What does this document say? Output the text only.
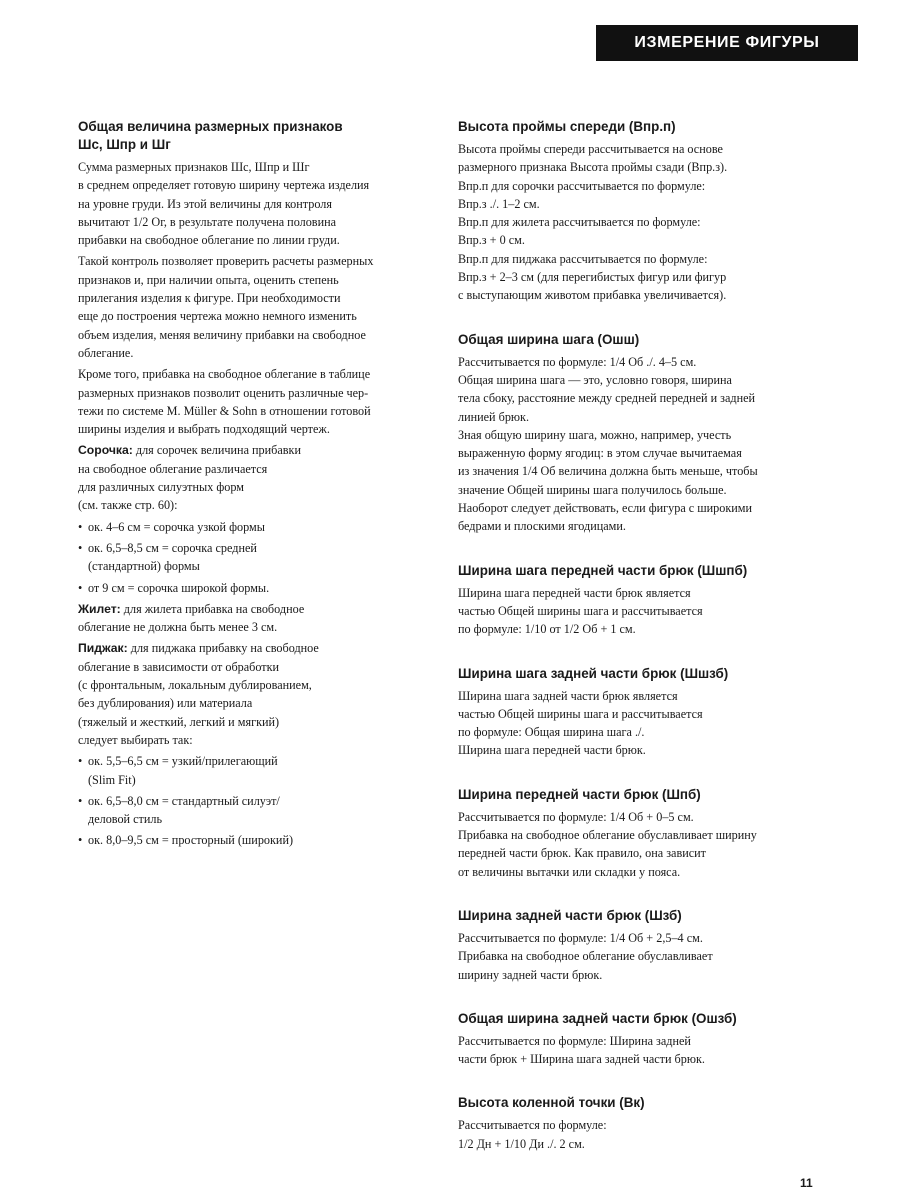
ИЗМЕРЕНИЕ ФИГУРЫ
Общая величина размерных признаков
Шс, Шпр и Шг

Сумма размерных признаков Шс, Шпр и Шг
в среднем определяет готовую ширину чертежа изделия
на уровне груди. Из этой величины для контроля
вычитают 1/2 Ог, в результате получена половина
прибавки на свободное облегание по линии груди.

Такой контроль позволяет проверить расчеты размерных
признаков и, при наличии опыта, оценить степень
прилегания изделия к фигуре. При необходимости
еще до построения чертежа можно немного изменить
объем изделия, меняя величину прибавки на свободное
облегание.

Кроме того, прибавка на свободное облегание в таблице
размерных признаков позволит оценить различные чер-
тежи по системе M. Müller & Sohn в отношении готовой
ширины изделия и выбрать подходящий чертеж.

Сорочка: для сорочек величина прибавки
на свободное облегание различается
для различных силуэтных форм
(см. также стр. 60):
• ок. 4–6 см = сорочка узкой формы
• ок. 6,5–8,5 см = сорочка средней
(стандартной) формы
• от 9 см = сорочка широкой формы.
Жилет: для жилета прибавка на свободное
облегание не должна быть менее 3 см.
Пиджак: для пиджака прибавку на свободное
облегание в зависимости от обработки
(с фронтальным, локальным дублированием,
без дублирования) или материала
(тяжелый и жесткий, легкий и мягкий)
следует выбирать так:
• ок. 5,5–6,5 см = узкий/прилегающий
(Slim Fit)
• ок. 6,5–8,0 см = стандартный силуэт/
деловой стиль
• ок. 8,0–9,5 см = просторный (широкий)
Высота проймы спереди (Впр.п)

Высота проймы спереди рассчитывается на основе
размерного признака Высота проймы сзади (Впр.з).
Впр.п для сорочки рассчитывается по формуле:
Впр.з ./. 1–2 см.
Впр.п для жилета рассчитывается по формуле:
Впр.з + 0 см.
Впр.п для пиджака рассчитывается по формуле:
Впр.з + 2–3 см (для перегибистых фигур или фигур
с выступающим животом прибавка увеличивается).

Общая ширина шага (Ошш)

Рассчитывается по формуле: 1/4 Об ./. 4–5 см.
Общая ширина шага — это, условно говоря, ширина
тела сбоку, расстояние между средней передней и задней
линией брюк.
Зная общую ширину шага, можно, например, учесть
выраженную форму ягодиц: в этом случае вычитаемая
из значения 1/4 Об величина должна быть меньше, чтобы
значение Общей ширины шага получилось больше.
Наоборот следует действовать, если фигура с широкими
бедрами и плоскими ягодицами.

Ширина шага передней части брюк (Шшпб)

Ширина шага передней части брюк является
частью Общей ширины шага и рассчитывается
по формуле: 1/10 от 1/2 Об + 1 см.

Ширина шага задней части брюк (Шшзб)

Ширина шага задней части брюк является
частью Общей ширины шага и рассчитывается
по формуле: Общая ширина шага ./.
Ширина шага передней части брюк.

Ширина передней части брюк (Шпб)

Рассчитывается по формуле: 1/4 Об + 0–5 см.
Прибавка на свободное облегание обуславливает ширину
передней части брюк. Как правило, она зависит
от величины вытачки или складки у пояса.

Ширина задней части брюк (Шзб)

Рассчитывается по формуле: 1/4 Об + 2,5–4 см.
Прибавка на свободное облегание обуславливает
ширину задней части брюк.

Общая ширина задней части брюк (Ошзб)

Рассчитывается по формуле: Ширина задней
части брюк + Ширина шага задней части брюк.

Высота коленной точки (Вк)

Рассчитывается по формуле:
1/2 Дн + 1/10 Ди ./. 2 см.

11
